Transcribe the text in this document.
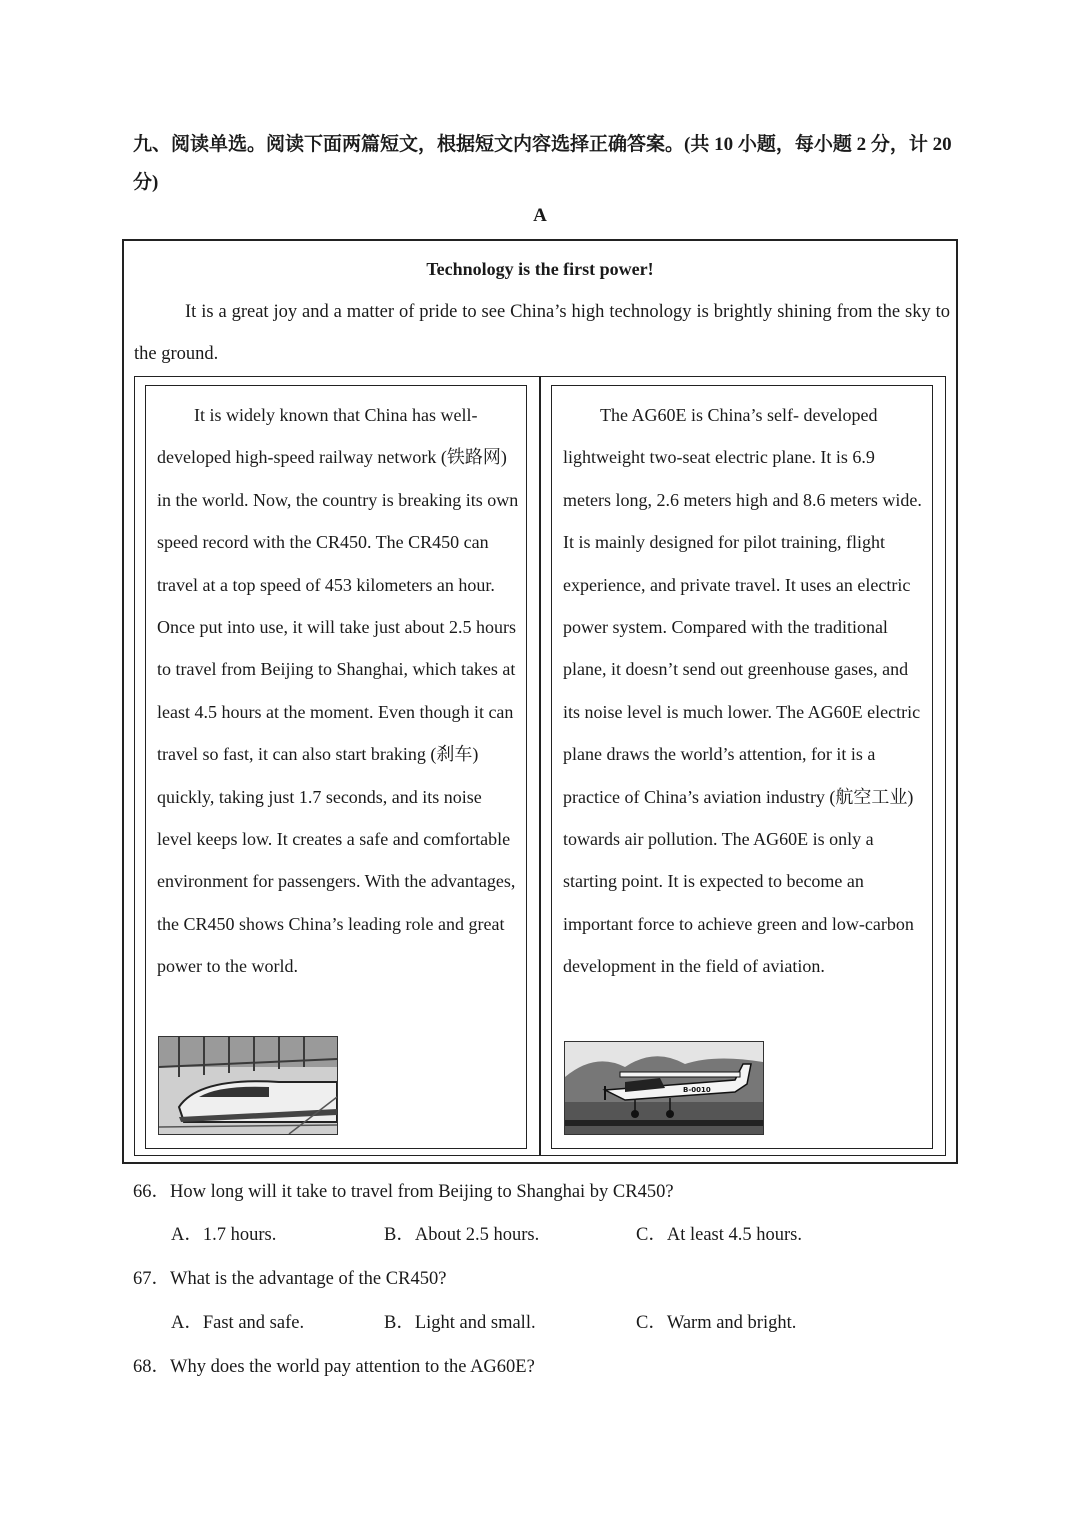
九、阅读单选。阅读下面两篇短文，根据短文内容选择正确答案。(共 10 小题，每小题 2 分，计 20 分)
A
Technology is the first power!
It is a great joy and a matter of pride to see China’s high technology is brightly shining from the sky to the ground.
It is widely known that China has well-developed high-speed railway network (铁路网) in the world. Now, the country is breaking its own speed record with the CR450. The CR450 can travel at a top speed of 453 kilometers an hour. Once put into use, it will take just about 2.5 hours to travel from Beijing to Shanghai, which takes at least 4.5 hours at the moment. Even though it can travel so fast, it can also start braking (刹车) quickly, taking just 1.7 seconds, and its noise level keeps low. It creates a safe and comfortable environment for passengers. With the advantages, the CR450 shows China’s leading role and great power to the world.
The AG60E is China’s self- developed lightweight two-seat electric plane. It is 6.9 meters long, 2.6 meters high and 8.6 meters wide. It is mainly designed for pilot training, flight experience, and private travel. It uses an electric power system. Compared with the traditional plane, it doesn’t send out greenhouse gases, and its noise level is much lower. The AG60E electric plane draws the world’s attention, for it is a practice of China’s aviation industry (航空工业) towards air pollution. The AG60E is only a starting point. It is expected to become an important force to achieve green and low-carbon development in the field of aviation.
B-0010
66．How long will it take to travel from Beijing to Shanghai by CR450?
A．1.7 hours.	B．About 2.5 hours.	C．At least 4.5 hours.
67．What is the advantage of the CR450?
A．Fast and safe.	B．Light and small.	C．Warm and bright.
68．Why does the world pay attention to the AG60E?
